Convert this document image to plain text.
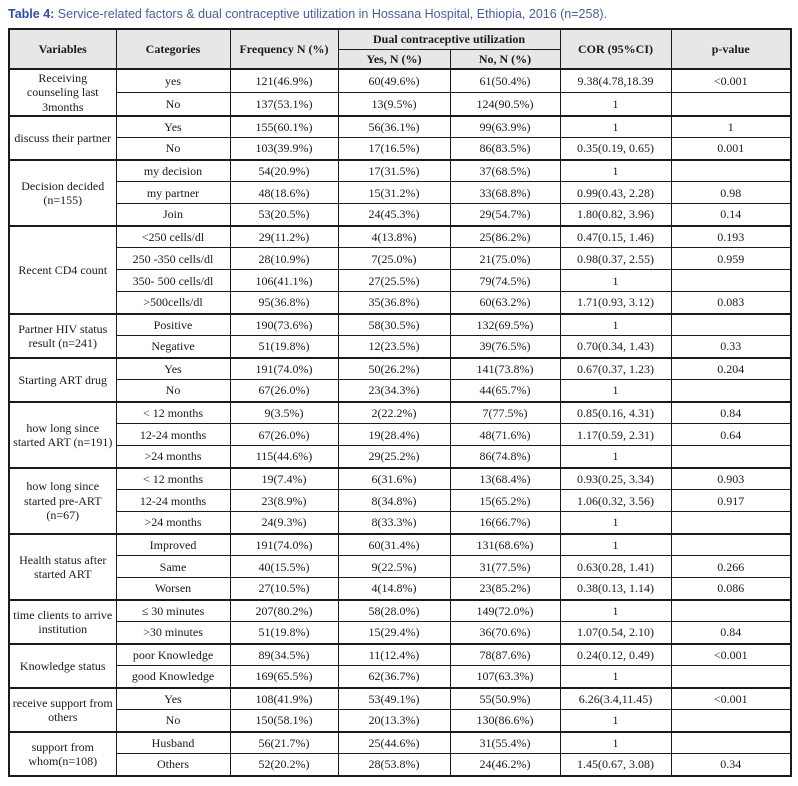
Table 4: Service-related factors & dual contraceptive utilization in Hossana Hospital, Ethiopia, 2016 (n=258).
Variables	Categories	Frequency N (%)	Dual contraceptive utilization		COR (95%CI)	p-value
			Yes, N (%)	No, N (%)		
Receiving counseling last 3months	yes	121(46.9%)	60(49.6%)	61(50.4%)	9.38(4.78,18.39	<0.001
	No	137(53.1%)	13(9.5%)	124(90.5%)	1	
discuss their partner	Yes	155(60.1%)	56(36.1%)	99(63.9%)	1	1
	No	103(39.9%)	17(16.5%)	86(83.5%)	0.35(0.19, 0.65)	0.001
Decision decided (n=155)	my decision	54(20.9%)	17(31.5%)	37(68.5%)	1	
	my partner	48(18.6%)	15(31.2%)	33(68.8%)	0.99(0.43, 2.28)	0.98
	Join	53(20.5%)	24(45.3%)	29(54.7%)	1.80(0.82, 3.96)	0.14
Recent CD4 count	<250 cells/dl	29(11.2%)	4(13.8%)	25(86.2%)	0.47(0.15, 1.46)	0.193
	250 -350 cells/dl	28(10.9%)	7(25.0%)	21(75.0%)	0.98(0.37, 2.55)	0.959
	350- 500 cells/dl	106(41.1%)	27(25.5%)	79(74.5%)	1	
	>500cells/dl	95(36.8%)	35(36.8%)	60(63.2%)	1.71(0.93, 3.12)	0.083
Partner HIV status result (n=241)	Positive	190(73.6%)	58(30.5%)	132(69.5%)	1	
	Negative	51(19.8%)	12(23.5%)	39(76.5%)	0.70(0.34, 1.43)	0.33
Starting ART drug	Yes	191(74.0%)	50(26.2%)	141(73.8%)	0.67(0.37, 1.23)	0.204
	No	67(26.0%)	23(34.3%)	44(65.7%)	1	
how long since started ART (n=191)	< 12 months	9(3.5%)	2(22.2%)	7(77.5%)	0.85(0.16, 4.31)	0.84
	12-24 months	67(26.0%)	19(28.4%)	48(71.6%)	1.17(0.59, 2.31)	0.64
	>24 months	115(44.6%)	29(25.2%)	86(74.8%)	1	
how long since started pre-ART (n=67)	< 12 months	19(7.4%)	6(31.6%)	13(68.4%)	0.93(0.25, 3.34)	0.903
	12-24 months	23(8.9%)	8(34.8%)	15(65.2%)	1.06(0.32, 3.56)	0.917
	>24 months	24(9.3%)	8(33.3%)	16(66.7%)	1	
Health status after started ART	Improved	191(74.0%)	60(31.4%)	131(68.6%)	1	
	Same	40(15.5%)	9(22.5%)	31(77.5%)	0.63(0.28, 1.41)	0.266
	Worsen	27(10.5%)	4(14.8%)	23(85.2%)	0.38(0.13, 1.14)	0.086
time clients to arrive institution	≤ 30 minutes	207(80.2%)	58(28.0%)	149(72.0%)	1	
	>30 minutes	51(19.8%)	15(29.4%)	36(70.6%)	1.07(0.54, 2.10)	0.84
Knowledge status	poor Knowledge	89(34.5%)	11(12.4%)	78(87.6%)	0.24(0.12, 0.49)	<0.001
	good Knowledge	169(65.5%)	62(36.7%)	107(63.3%)	1	
receive support from others	Yes	108(41.9%)	53(49.1%)	55(50.9%)	6.26(3.4,11.45)	<0.001
	No	150(58.1%)	20(13.3%)	130(86.6%)	1	
support from whom(n=108)	Husband	56(21.7%)	25(44.6%)	31(55.4%)	1	
	Others	52(20.2%)	28(53.8%)	24(46.2%)	1.45(0.67, 3.08)	0.34
